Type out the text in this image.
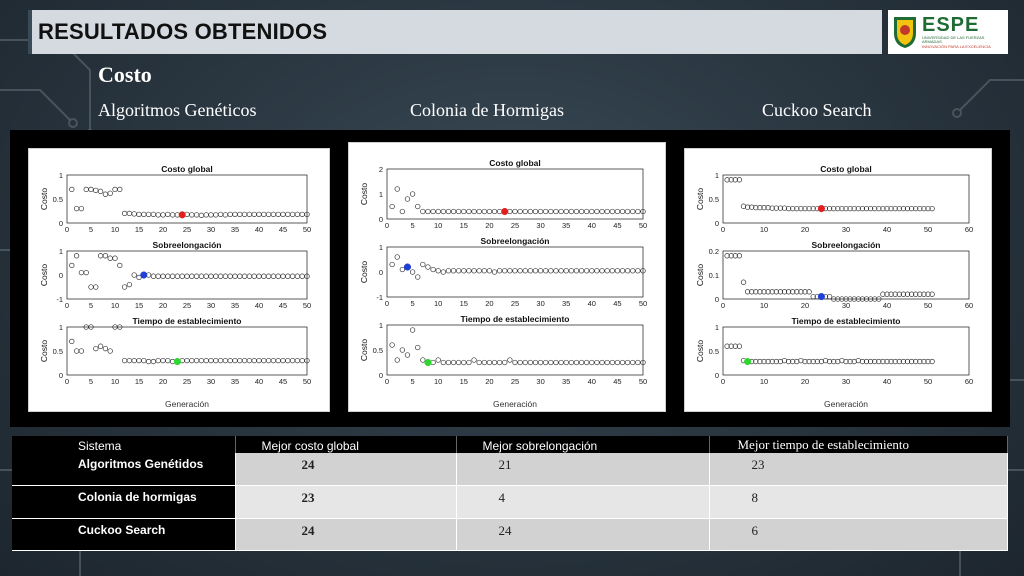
RESULTADOS OBTENIDOS	ESPE
UNIVERSIDAD DE LAS FUERZAS ARMADAS
INNOVACIÓN PARA LA EXCELENCIA
Costo
Algoritmos Genéticos	Colonia de Hormigas	Cuckoo Search
Costo global
Costo
0
0.5
1
0	5 10 15 20 25 30 35 40 45 50
Sobreelongación
Costo
-1
0
1
0	5 10 15 20 25 30 35 40 45 50
Tiempo de establecimiento
Costo
0
0.5
1
0	5 10 15 20 25 30 35 40 45 50
Generación
Costo global
Costo
0
1
2
0	5	10 15 20 25 30 35 40 45 50
Sobreelongación
Costo
-1
0
1
0	5	10 15 20 25 30 35 40 45 50
Tiempo de establecimiento
Costo
0
0.5
1
0	5	10 15 20 25 30 35 40 45 50
Generación
Costo global
Costo
0
0.5
1
0	10	20	30	40	50	60
Sobreelongación
Costo
0
0.1
0.2
0	10	20	30	40	50	60
Tiempo de establecimiento
Costo
0
0.5
1
0	10	20	30	40	50	60
Generación
Sistema	Mejor costo global	Mejor sobrelongación	Mejor tiempo de establecimiento
Algoritmos Genétidos	24	21	23
Colonia de hormigas	23	4	8
Cuckoo Search	24	24	6
